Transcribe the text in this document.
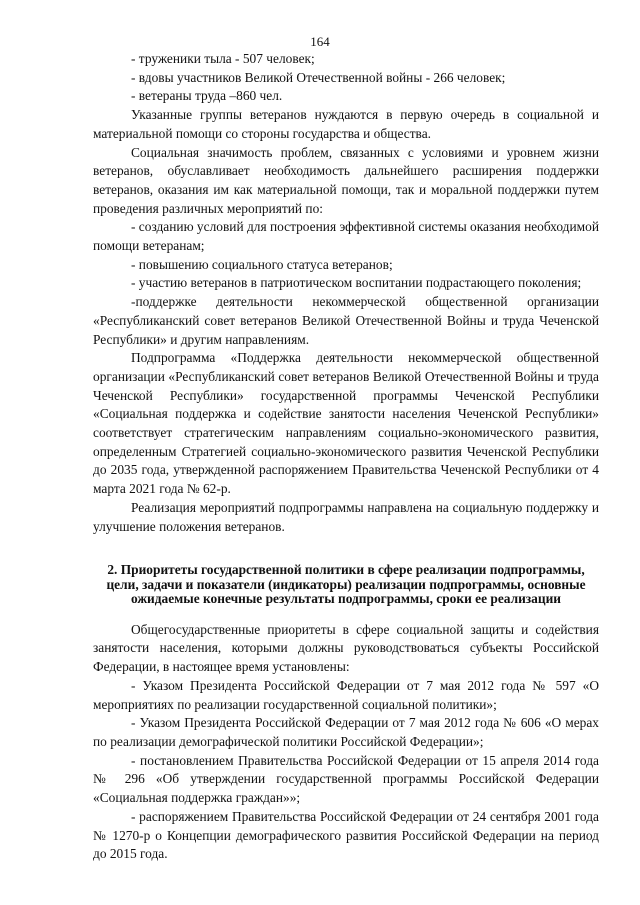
164

- труженики тыла - 507 человек;

- вдовы участников Великой Отечественной войны - 266 человек;

- ветераны труда –860 чел.

Указанные группы ветеранов нуждаются в первую очередь в социальной и материальной помощи со стороны государства и общества.

Социальная значимость проблем, связанных с условиями и уровнем жизни ветеранов, обуславливает необходимость дальнейшего расширения поддержки ветеранов, оказания им как материальной помощи, так и моральной поддержки путем проведения различных мероприятий по:

- созданию условий для построения эффективной системы оказания необходимой помощи ветеранам;

- повышению социального статуса ветеранов;

- участию ветеранов в патриотическом воспитании подрастающего поколения;

-поддержке деятельности некоммерческой общественной организации «Республиканский совет ветеранов Великой Отечественной Войны и труда Чеченской Республики» и другим направлениям.

Подпрограмма «Поддержка деятельности некоммерческой общественной организации «Республиканский совет ветеранов Великой Отечественной Войны и труда Чеченской Республики» государственной программы Чеченской Республики «Социальная поддержка и содействие занятости населения Чеченской Республики» соответствует стратегическим направлениям социально-экономического развития, определенным Стратегией социально-экономического развития Чеченской Республики до 2035 года, утвержденной распоряжением Правительства Чеченской Республики от 4 марта 2021 года № 62-р.

Реализация мероприятий подпрограммы направлена на социальную поддержку и улучшение положения ветеранов.

2. Приоритеты государственной политики в сфере реализации подпрограммы, цели, задачи и показатели (индикаторы) реализации подпрограммы, основные ожидаемые конечные результаты подпрограммы, сроки ее реализации

Общегосударственные приоритеты в сфере социальной защиты и содействия занятости населения, которыми должны руководствоваться субъекты Российской Федерации, в настоящее время установлены:

- Указом Президента Российской Федерации от 7 мая 2012 года № 597 «О мероприятиях по реализации государственной социальной политики»;

- Указом Президента Российской Федерации от 7 мая 2012 года № 606 «О мерах по реализации демографической политики Российской Федерации»;

- постановлением Правительства Российской Федерации от 15 апреля 2014 года № 296 «Об утверждении государственной программы Российской Федерации «Социальная поддержка граждан»»;

- распоряжением Правительства Российской Федерации от 24 сентября 2001 года № 1270-р о Концепции демографического развития Российской Федерации на период до 2015 года.
